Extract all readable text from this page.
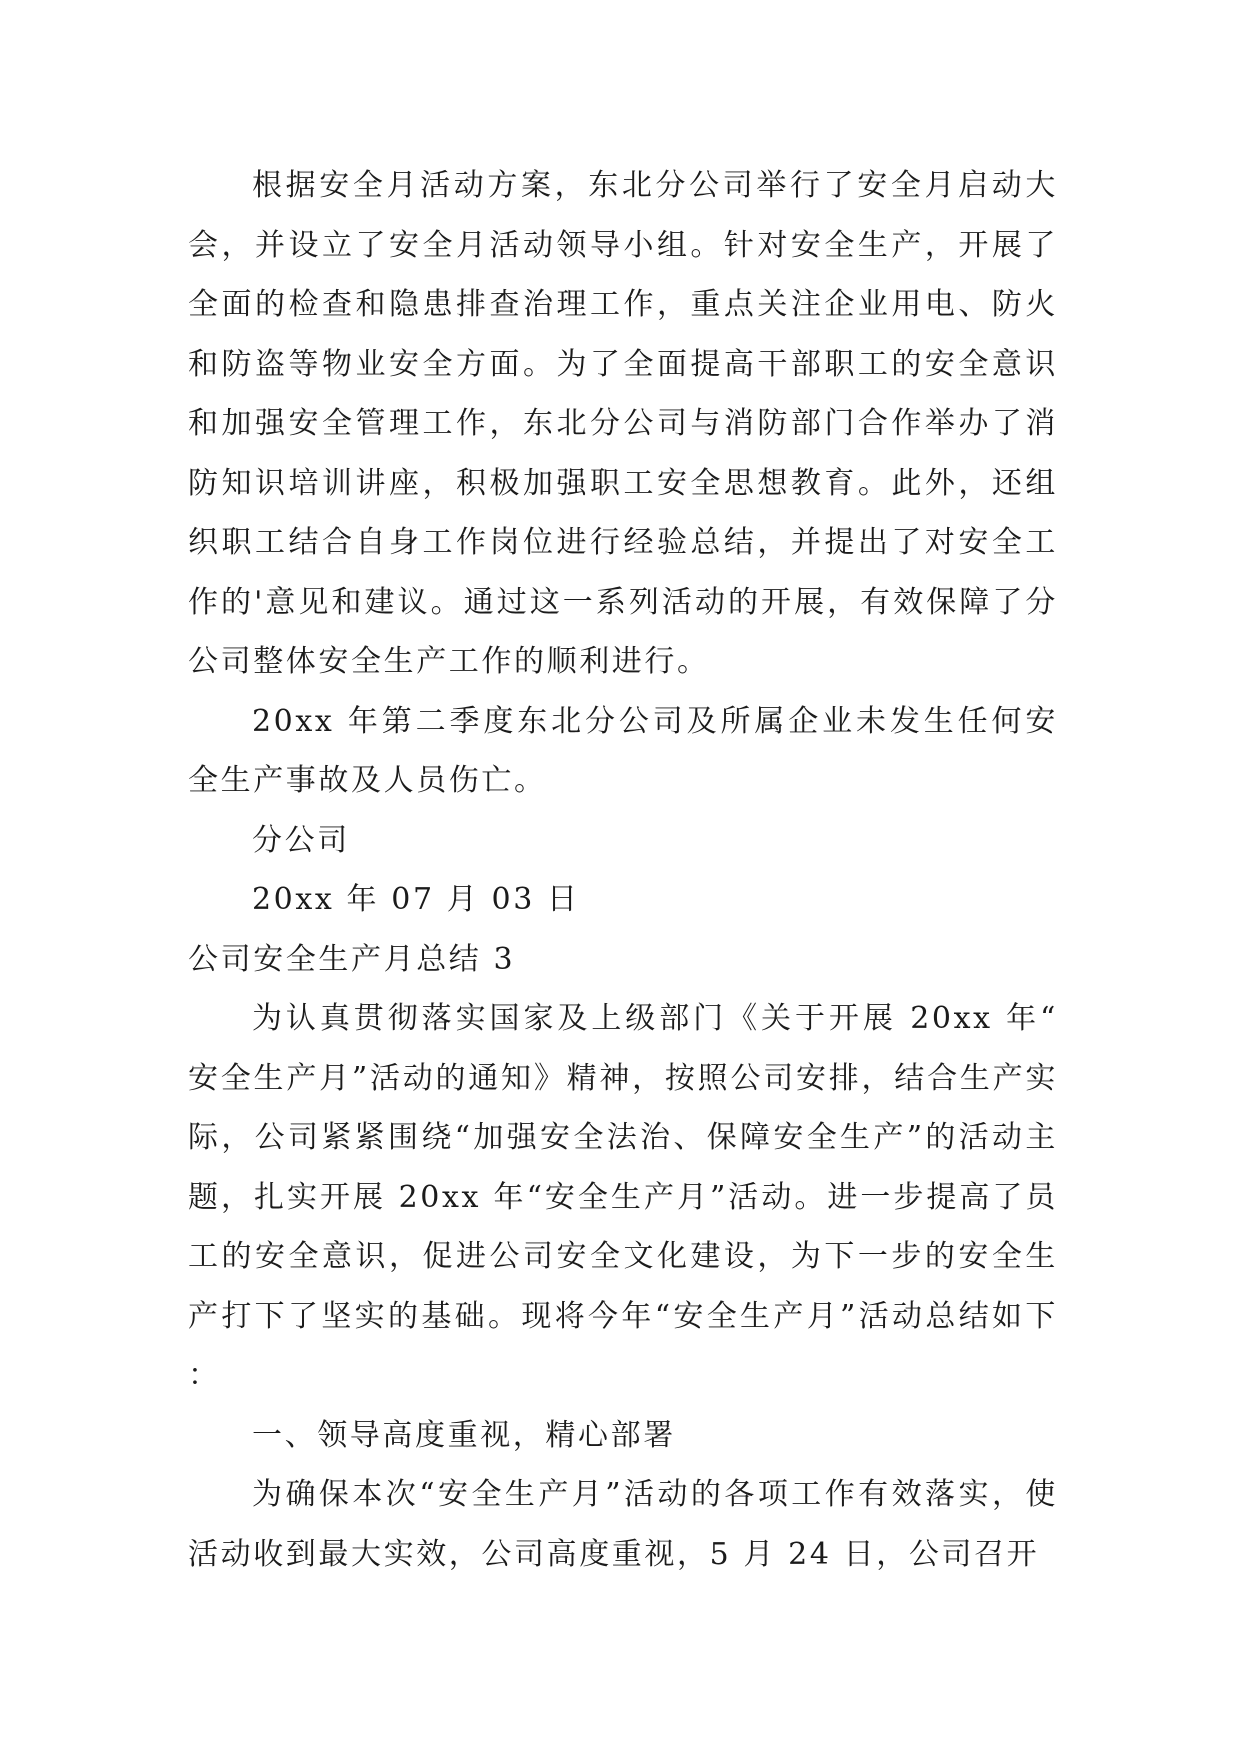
根据安全月活动方案，东北分公司举行了安全月启动大会，并设立了安全月活动领导小组。针对安全生产，开展了全面的检查和隐患排查治理工作，重点关注企业用电、防火和防盗等物业安全方面。为了全面提高干部职工的安全意识和加强安全管理工作，东北分公司与消防部门合作举办了消防知识培训讲座，积极加强职工安全思想教育。此外，还组织职工结合自身工作岗位进行经验总结，并提出了对安全工作的'意见和建议。通过这一系列活动的开展，有效保障了分公司整体安全生产工作的顺利进行。

20xx 年第二季度东北分公司及所属企业未发生任何安全生产事故及人员伤亡。

分公司

20xx 年 07 月 03 日

公司安全生产月总结 3

为认真贯彻落实国家及上级部门《关于开展 20xx 年“安全生产月”活动的通知》精神，按照公司安排，结合生产实际，公司紧紧围绕“加强安全法治、保障安全生产”的活动主题，扎实开展 20xx 年“安全生产月”活动。进一步提高了员工的安全意识，促进公司安全文化建设，为下一步的安全生产打下了坚实的基础。现将今年“安全生产月”活动总结如下：

一、领导高度重视，精心部署

为确保本次“安全生产月”活动的各项工作有效落实，使活动收到最大实效，公司高度重视，5 月 24 日，公司召开
